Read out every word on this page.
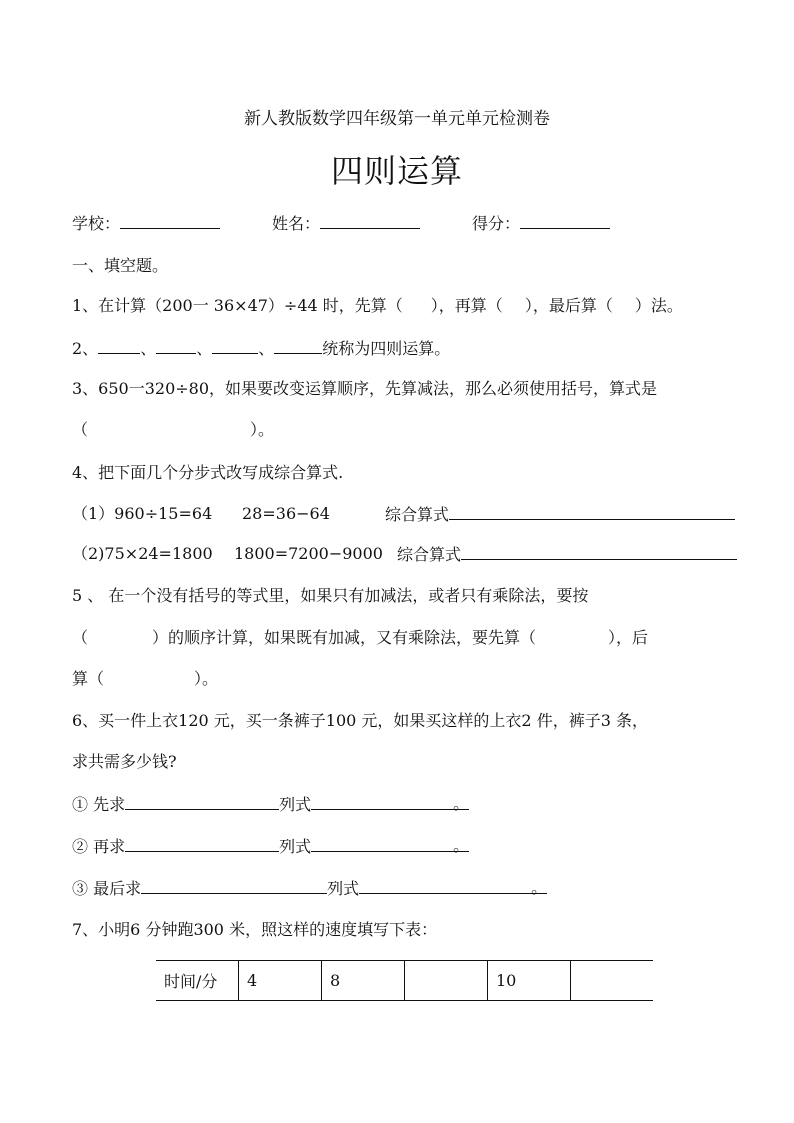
新人教版数学四年级第一单元单元检测卷
四则运算
学校：	姓名：	得分：
一、填空题。
1、在计算（200一 36×47）÷44 时，先算（ ），再算（ ），最后算（ ）法。
2、	、	、	、	统称为四则运算。
3、650一320÷80，如果要改变运算顺序，先算减法，那么必须使用括号，算式是
（	）。
4、把下面几个分步式改写成综合算式.
（1）960÷15=64 28=36−64	综合算式
（2)75×24=1800 1800=7200−9000 综合算式
5 、 在一个没有括号的等式里，如果只有加减法，或者只有乘除法，要按
（	）的顺序计算，如果既有加减，又有乘除法，要先算（	），后
算（	）。
6、买一件上衣120 元，买一条裤子100 元，如果买这样的上衣2 件，裤子3 条，
求共需多少钱?
① 先求	列式	。
② 再求	列式	。
③ 最后求	列式	。
7、小明6 分钟跑300 米，照这样的速度填写下表：
时间/分	4	8		10	
